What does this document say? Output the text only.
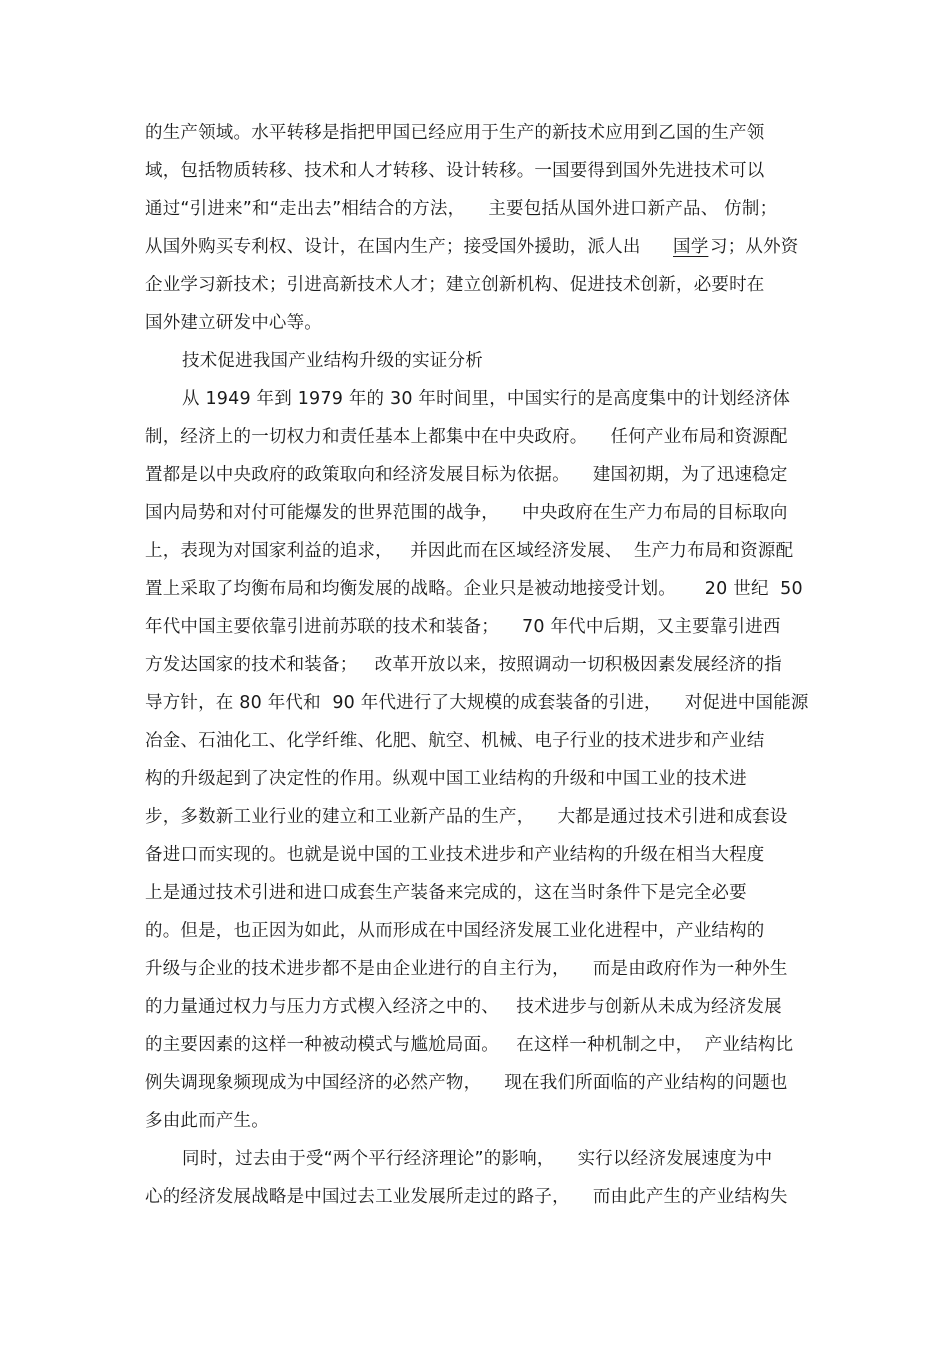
的生产领域。水平转移是指把甲国已经应用于生产的新技术应用到乙国的生产领
域，包括物质转移、技术和人才转移、设计转移。一国要得到国外先进技术可以
通过“引进来”和“走出去”相结合的方法，    主要包括从国外进口新产品、 仿制；
从国外购买专利权、设计，在国内生产；接受国外援助，派人出 国学 习；从外资
企业学习新技术；引进高新技术人才；建立创新机构、促进技术创新，必要时在
国外建立研发中心等。
技术促进我国产业结构升级的实证分析
从 1949 年到 1979 年的 30 年时间里，中国实行的是高度集中的计划经济体
制，经济上的一切权力和责任基本上都集中在中央政府。    任何产业布局和资源配
置都是以中央政府的政策取向和经济发展目标为依据。    建国初期，为了迅速稳定
国内局势和对付可能爆发的世界范围的战争，    中央政府在生产力布局的目标取向
上，表现为对国家利益的追求，   并因此而在区域经济发展、  生产力布局和资源配
置上采取了均衡布局和均衡发展的战略。企业只是被动地接受计划。     20 世纪  50
年代中国主要依靠引进前苏联的技术和装备；    70 年代中后期，又主要靠引进西
方发达国家的技术和装备；   改革开放以来，按照调动一切积极因素发展经济的指
导方针，在 80 年代和  90 年代进行了大规模的成套装备的引进，    对促进中国能源
冶金、石油化工、化学纤维、化肥、航空、机械、电子行业的技术进步和产业结
构的升级起到了决定性的作用。纵观中国工业结构的升级和中国工业的技术进
步，多数新工业行业的建立和工业新产品的生产，    大都是通过技术引进和成套设
备进口而实现的。也就是说中国的工业技术进步和产业结构的升级在相当大程度
上是通过技术引进和进口成套生产装备来完成的，这在当时条件下是完全必要
的。但是，也正因为如此，从而形成在中国经济发展工业化进程中，产业结构的
升级与企业的技术进步都不是由企业进行的自主行为，    而是由政府作为一种外生
的力量通过权力与压力方式楔入经济之中的、   技术进步与创新从未成为经济发展
的主要因素的这样一种被动模式与尴尬局面。   在这样一种机制之中，  产业结构比
例失调现象频现成为中国经济的必然产物，    现在我们所面临的产业结构的问题也
多由此而产生。
同时，过去由于受“两个平行经济理论”的影响，    实行以经济发展速度为中
心的经济发展战略是中国过去工业发展所走过的路子，    而由此产生的产业结构失
